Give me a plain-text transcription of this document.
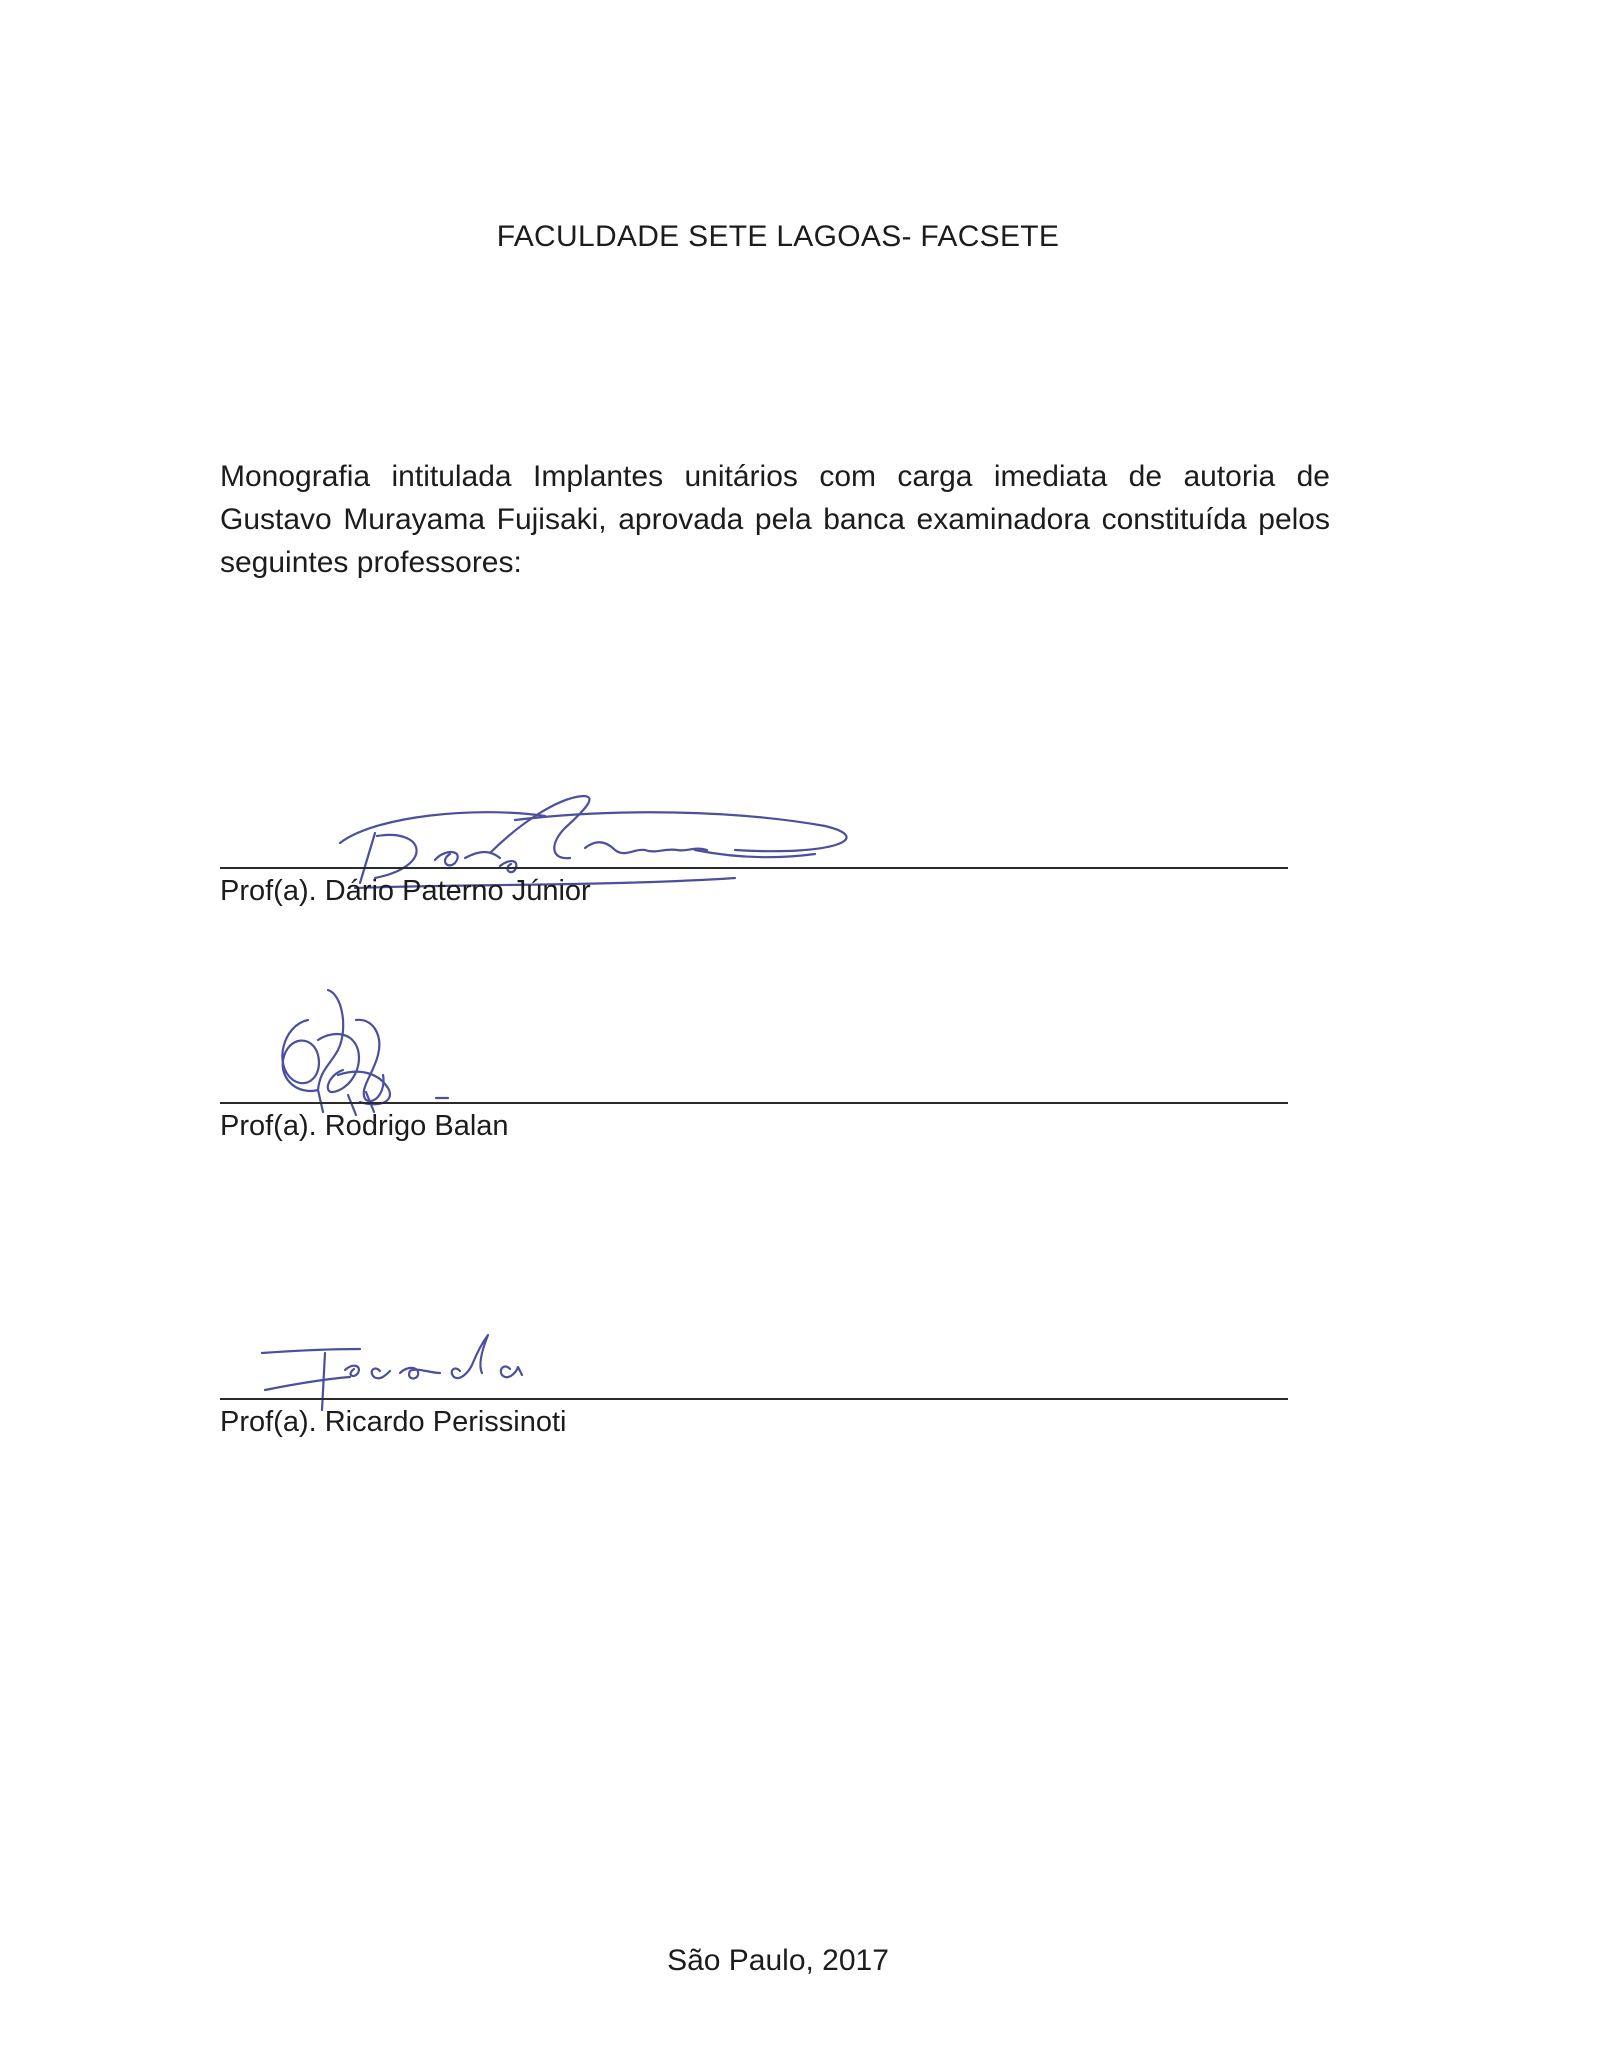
FACULDADE SETE LAGOAS- FACSETE
Monografia intitulada Implantes unitários com carga imediata de autoria de Gustavo Murayama Fujisaki, aprovada pela banca examinadora constituída pelos seguintes professores:
Prof(a). Dário Paterno Júnior
Prof(a). Rodrigo Balan
Prof(a). Ricardo Perissinoti
São Paulo, 2017
